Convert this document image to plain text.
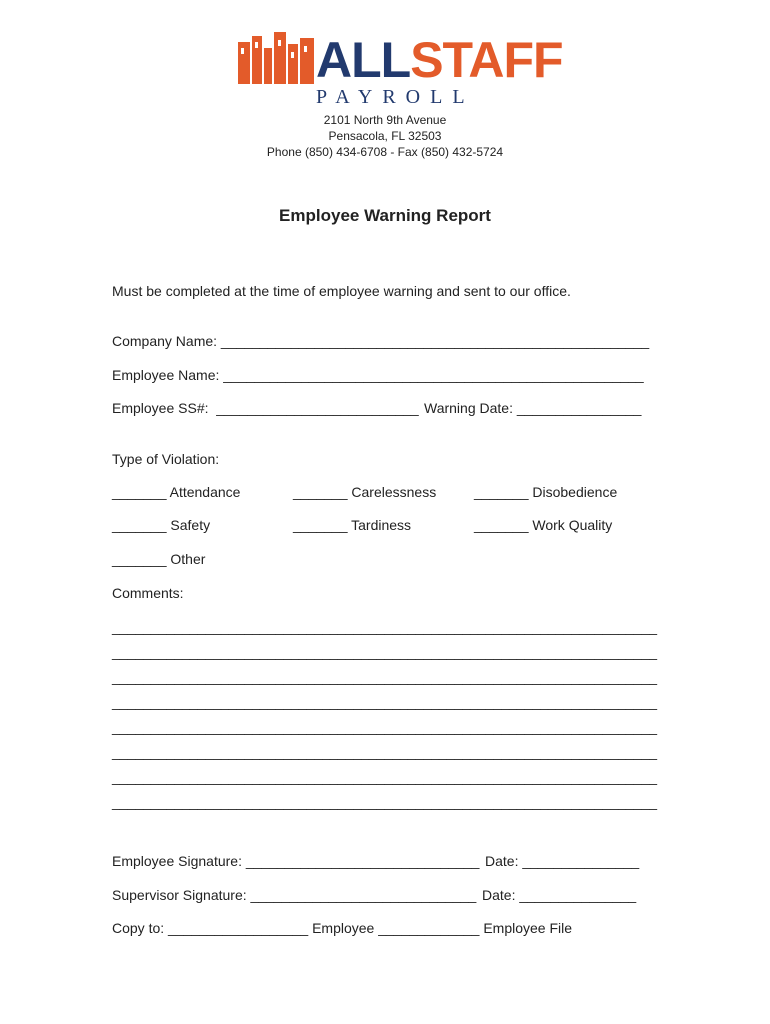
ALLSTAFF
PAYROLL
2101 North 9th Avenue
Pensacola, FL 32503
Phone (850) 434-6708 - Fax (850) 432-5724
Employee Warning Report
Must be completed at the time of employee warning and sent to our office.
Company Name: _______________________________________________________
Employee Name: ______________________________________________________
Employee SS#:  __________________________ Warning Date: ________________
Type of Violation:
_______ Attendance	_______ Carelessness	_______ Disobedience
_______ Safety	_______ Tardiness	_______ Work Quality
_______ Other
Comments:
______________________________________________________________________
______________________________________________________________________
______________________________________________________________________
______________________________________________________________________
______________________________________________________________________
______________________________________________________________________
______________________________________________________________________
______________________________________________________________________
Employee Signature: ______________________________ Date: _______________
Supervisor Signature: _____________________________ Date: _______________
Copy to: __________________ Employee _____________ Employee File
